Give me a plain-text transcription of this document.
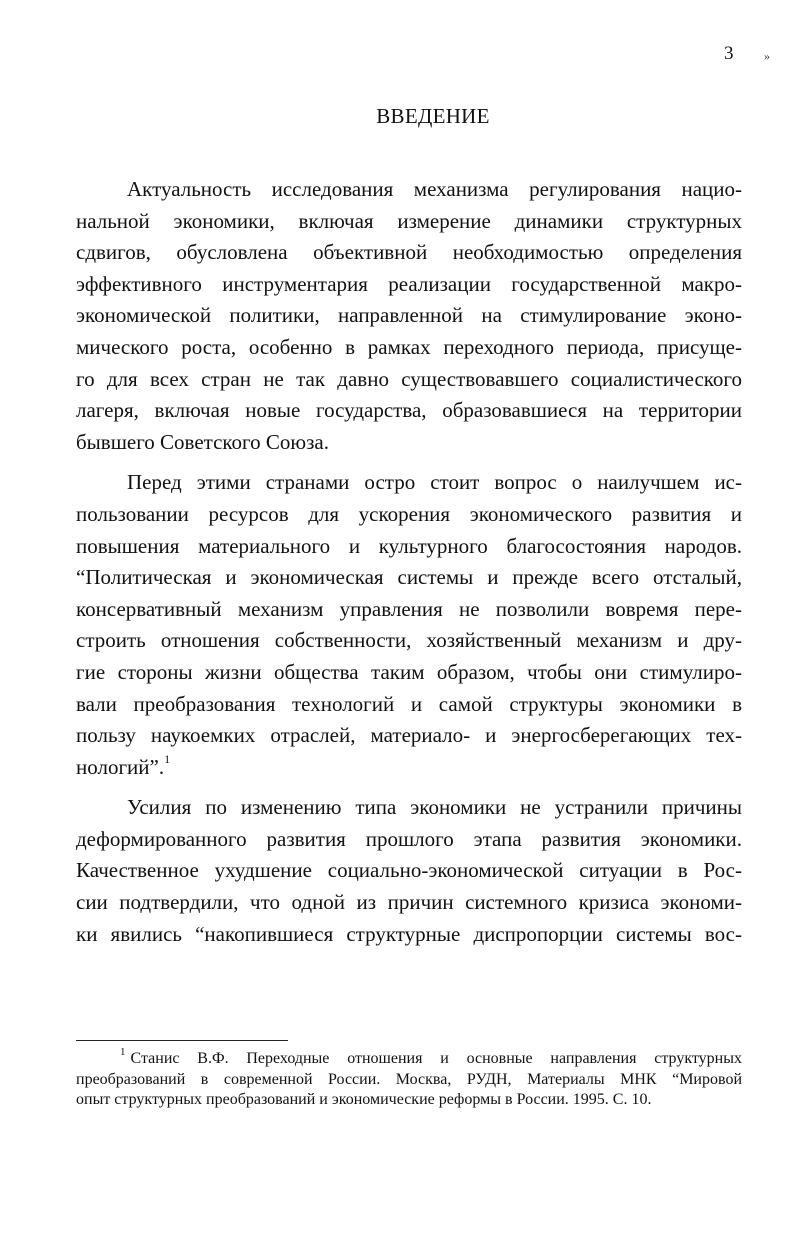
3	»
ВВЕДЕНИЕ
Актуальность исследования механизма регулирования нацио-
нальной экономики, включая измерение динамики структурных
сдвигов, обусловлена объективной необходимостью определения
эффективного инструментария реализации государственной макро-
экономической политики, направленной на стимулирование эконо-
мического роста, особенно в рамках переходного периода, присуще-
го для всех стран не так давно существовавшего социалистического
лагеря, включая новые государства, образовавшиеся на территории
бывшего Советского Союза.
Перед этими странами остро стоит вопрос о наилучшем ис-
пользовании ресурсов для ускорения экономического развития и
повышения материального и культурного благосостояния народов.
“Политическая и экономическая системы и прежде всего отсталый,
консервативный механизм управления не позволили вовремя пере-
строить отношения собственности, хозяйственный механизм и дру-
гие стороны жизни общества таким образом, чтобы они стимулиро-
вали преобразования технологий и самой структуры экономики в
пользу наукоемких отраслей, материало- и энергосберегающих тех-
нологий”.$^1$
Усилия по изменению типа экономики не устранили причины
деформированного развития прошлого этапа развития экономики.
Качественное ухудшение социально-экономической ситуации в Рос-
сии подтвердили, что одной из причин системного кризиса экономи-
ки явились “накопившиеся структурные диспропорции системы вос-
$^1$ Станис В.Ф. Переходные отношения и основные направления структурных
преобразований в современной России. Москва, РУДН, Материалы МНК “Мировой
опыт структурных преобразований и экономические реформы в России. 1995. С. 10.
